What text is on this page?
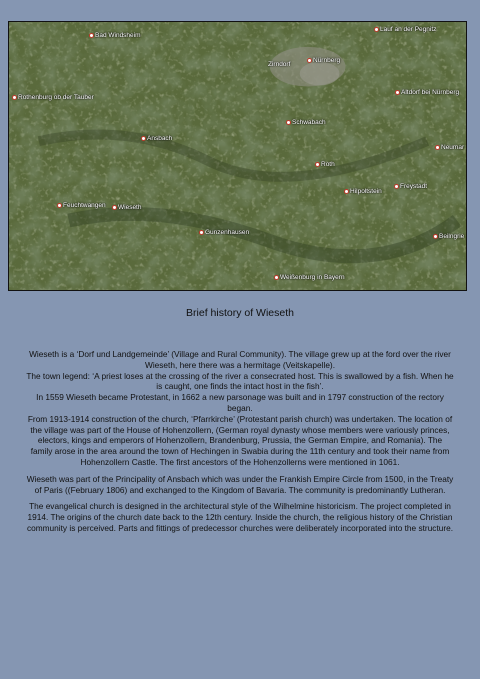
Bad Windsheim
Lauf an der Pegnitz
Zirndorf
Nürnberg
Rothenburg ob der Tauber
Altdorf bei Nürnberg
Schwabach
Ansbach
Neumar
Roth
Freystadt
Hilpoltstein
Feuchtwangen	Wieseth
Gunzenhausen
Beilngrie
Weißenburg in Bayern
Brief history of Wieseth
Wieseth is a ‘Dorf und Landgemeinde’ (Village and Rural Community). The village grew up at the ford over the river Wieseth, here there was a hermitage (Veitskapelle).
The town legend: ‘A priest loses at the crossing of the river a consecrated host. This is swallowed by a fish. When he is caught, one finds the intact host in the fish’.
In 1559 Wieseth became Protestant, in 1662 a new parsonage was built and in 1797 construction of the rectory began.

From 1913-1914 construction of the church, ‘Pfarrkirche’ (Protestant parish church) was undertaken. The location of the village was part of the House of Hohenzollern, (German royal dynasty whose members were variously princes, electors, kings and emperors of Hohenzollern, Brandenburg, Prussia, the German Empire, and Romania). The family arose in the area around the town of Hechingen in Swabia during the 11th century and took their name from Hohenzollern Castle. The first ancestors of the Hohenzollerns were mentioned in 1061.

Wieseth was part of the Principality of Ansbach which was under the Frankish Empire Circle from 1500, in the Treaty of Paris ((February 1806) and exchanged to the Kingdom of Bavaria. The community is predominantly Lutheran.

The evangelical church is designed in the architectural style of the Wilhelmine historicism. The project completed in 1914. The origins of the church date back to the 12th century. Inside the church, the religious history of the Christian community is perceived. Parts and fittings of predecessor churches were deliberately incorporated into the structure.
